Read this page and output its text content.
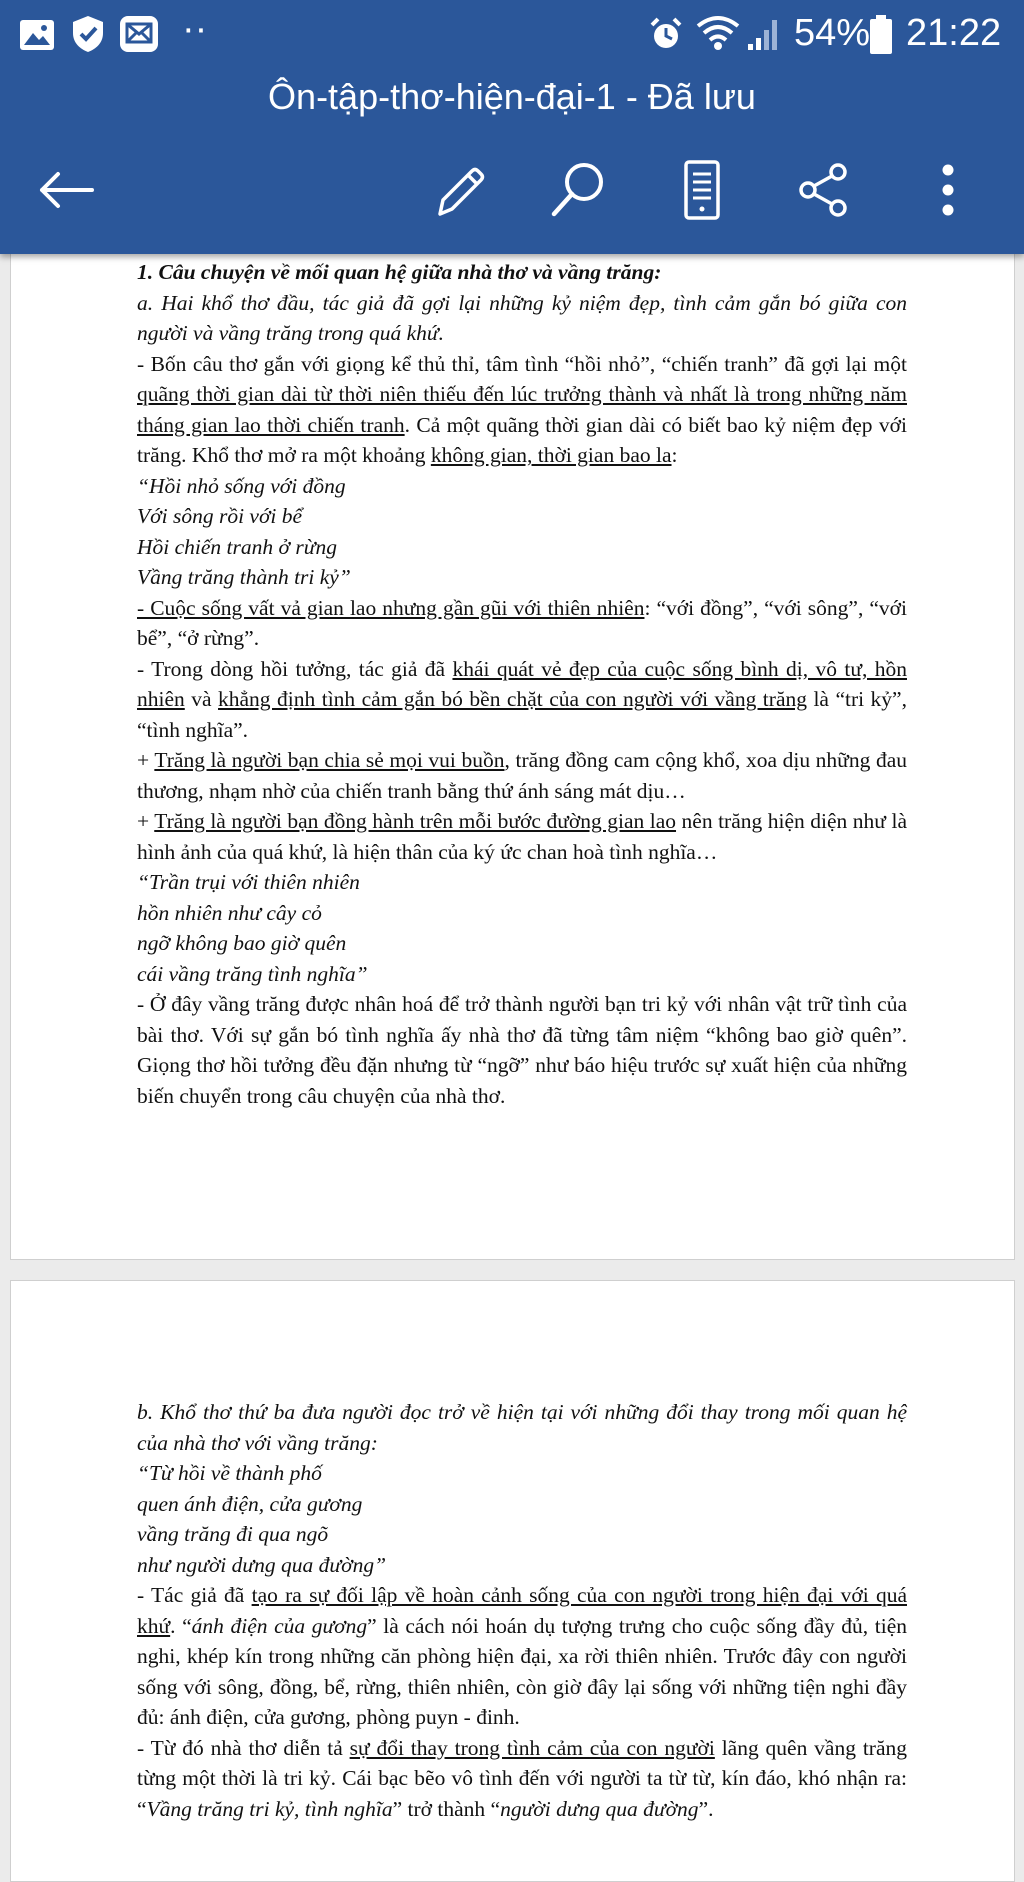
··	54% 21:22
Ôn-tập-thơ-hiện-đại-1 - Đã lưu

1. Câu chuyện về mối quan hệ giữa nhà thơ và vầng trăng:

a. Hai khổ thơ đầu, tác giả đã gợi lại những kỷ niệm đẹp, tình cảm gắn bó giữa con người và vầng trăng trong quá khứ.

- Bốn câu thơ gắn với giọng kể thủ thỉ, tâm tình “hồi nhỏ”, “chiến tranh” đã gợi lại một quãng thời gian dài từ thời niên thiếu đến lúc trưởng thành và nhất là trong những năm tháng gian lao thời chiến tranh. Cả một quãng thời gian dài có biết bao kỷ niệm đẹp với trăng. Khổ thơ mở ra một khoảng không gian, thời gian bao la:

“Hồi nhỏ sống với đồng

Với sông rồi với bể

Hồi chiến tranh ở rừng

Vầng trăng thành tri kỷ”

- Cuộc sống vất vả gian lao nhưng gần gũi với thiên nhiên: “với đồng”, “với sông”, “với bể”, “ở rừng”.

- Trong dòng hồi tưởng, tác giả đã khái quát vẻ đẹp của cuộc sống bình dị, vô tư, hồn nhiên và khẳng định tình cảm gắn bó bền chặt của con người với vầng trăng là “tri kỷ”, “tình nghĩa”.

+ Trăng là người bạn chia sẻ mọi vui buồn, trăng đồng cam cộng khổ, xoa dịu những đau thương, nhạm nhờ của chiến tranh bằng thứ ánh sáng mát dịu…

+ Trăng là người bạn đồng hành trên mỗi bước đường gian lao nên trăng hiện diện như là hình ảnh của quá khứ, là hiện thân của ký ức chan hoà tình nghĩa…

“Trần trụi với thiên nhiên

hồn nhiên như cây cỏ

ngỡ không bao giờ quên

cái vầng trăng tình nghĩa”

- Ở đây vầng trăng được nhân hoá để trở thành người bạn tri kỷ với nhân vật trữ tình của bài thơ. Với sự gắn bó tình nghĩa ấy nhà thơ đã từng tâm niệm “không bao giờ quên”. Giọng thơ hồi tưởng đều đặn nhưng từ “ngỡ” như báo hiệu trước sự xuất hiện của những biến chuyển trong câu chuyện của nhà thơ.

b. Khổ thơ thứ ba đưa người đọc trở về hiện tại với những đổi thay trong mối quan hệ của nhà thơ với vầng trăng:

“Từ hồi về thành phố

quen ánh điện, cửa gương

vầng trăng đi qua ngõ

như người dưng qua đường”

- Tác giả đã tạo ra sự đối lập về hoàn cảnh sống của con người trong hiện đại với quá khứ. “ánh điện của gương” là cách nói hoán dụ tượng trưng cho cuộc sống đầy đủ, tiện nghi, khép kín trong những căn phòng hiện đại, xa rời thiên nhiên. Trước đây con người sống với sông, đồng, bể, rừng, thiên nhiên, còn giờ đây lại sống với những tiện nghi đầy đủ: ánh điện, cửa gương, phòng puyn - đinh.

- Từ đó nhà thơ diễn tả sự đổi thay trong tình cảm của con người lãng quên vầng trăng từng một thời là tri kỷ. Cái bạc bẽo vô tình đến với người ta từ từ, kín đáo, khó nhận ra: “Vầng trăng tri kỷ, tình nghĩa” trở thành “người dưng qua đường”.
